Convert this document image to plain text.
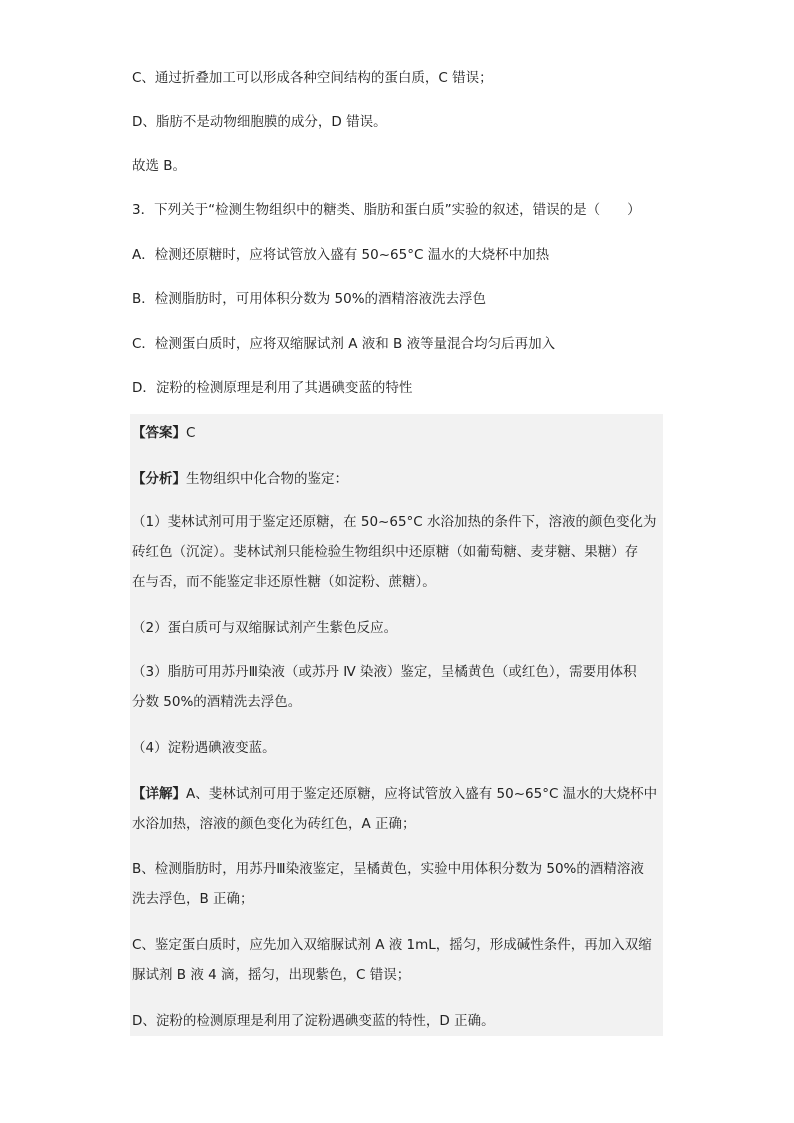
C、通过折叠加工可以形成各种空间结构的蛋白质，C 错误；
D、脂肪不是动物细胞膜的成分，D 错误。
故选 B。
3．下列关于“检测生物组织中的糖类、脂肪和蛋白质”实验的叙述，错误的是（　　）
A．检测还原糖时，应将试管放入盛有 50~65°C 温水的大烧杯中加热
B．检测脂肪时，可用体积分数为 50%的酒精溶液洗去浮色
C．检测蛋白质时，应将双缩脲试剂 A 液和 B 液等量混合均匀后再加入
D．淀粉的检测原理是利用了其遇碘变蓝的特性
【答案】C
【分析】生物组织中化合物的鉴定：
（1）斐林试剂可用于鉴定还原糖，在 50~65°C 水浴加热的条件下，溶液的颜色变化为
砖红色（沉淀）。斐林试剂只能检验生物组织中还原糖（如葡萄糖、麦芽糖、果糖）存
在与否，而不能鉴定非还原性糖（如淀粉、蔗糖）。
（2）蛋白质可与双缩脲试剂产生紫色反应。
（3）脂肪可用苏丹Ⅲ染液（或苏丹 Ⅳ 染液）鉴定，呈橘黄色（或红色），需要用体积
分数 50%的酒精洗去浮色。
（4）淀粉遇碘液变蓝。
【详解】A、斐林试剂可用于鉴定还原糖，应将试管放入盛有 50~65°C 温水的大烧杯中
水浴加热，溶液的颜色变化为砖红色，A 正确；
B、检测脂肪时，用苏丹Ⅲ染液鉴定，呈橘黄色，实验中用体积分数为 50%的酒精溶液
洗去浮色，B 正确；
C、鉴定蛋白质时，应先加入双缩脲试剂 A 液 1mL，摇匀，形成碱性条件，再加入双缩
脲试剂 B 液 4 滴，摇匀，出现紫色，C 错误；
D、淀粉的检测原理是利用了淀粉遇碘变蓝的特性，D 正确。
